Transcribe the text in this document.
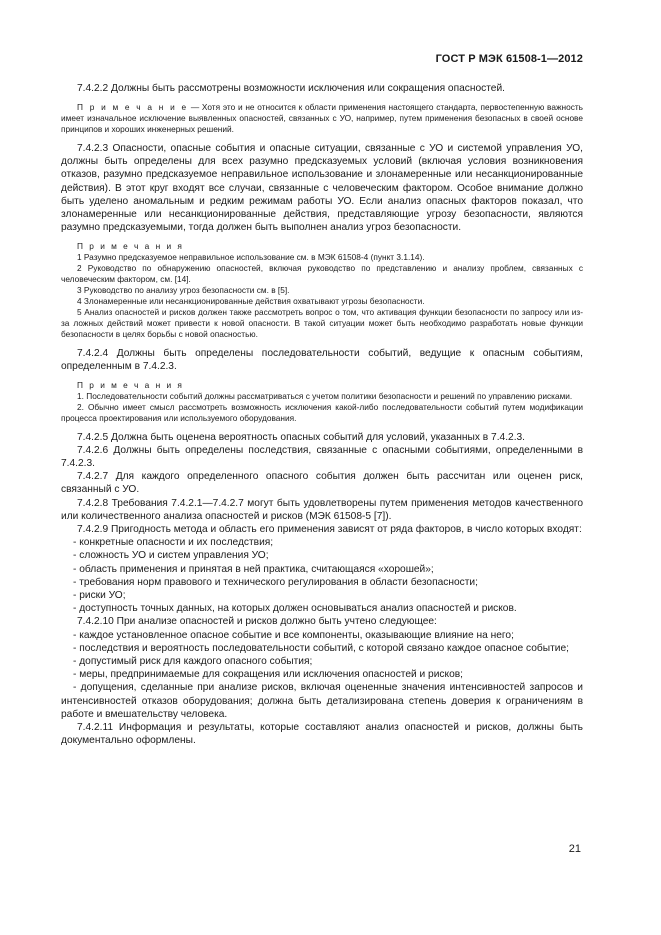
ГОСТ Р МЭК 61508-1—2012

7.4.2.2 Должны быть рассмотрены возможности исключения или сокращения опасностей.

П р и м е ч а н и е — Хотя это и не относится к области применения настоящего стандарта, первостепенную важность имеет изначальное исключение выявленных опасностей, связанных с УО, например, путем применения безопасных в своей основе принципов и хороших инженерных решений.

7.4.2.3 Опасности, опасные события и опасные ситуации, связанные с УО и системой управления УО, должны быть определены для всех разумно предсказуемых условий (включая условия возникновения отказов, разумно предсказуемое неправильное использование и злонамеренные или несанкционированные действия). В этот круг входят все случаи, связанные с человеческим фактором. Особое внимание должно быть уделено аномальным и редким режимам работы УО. Если анализ опасных факторов показал, что злонамеренные или несанкционированные действия, представляющие угрозу безопасности, являются разумно предсказуемыми, тогда должен быть выполнен анализ угроз безопасности.

П р и м е ч а н и я

1 Разумно предсказуемое неправильное использование см. в МЭК 61508-4 (пункт 3.1.14).

2 Руководство по обнаружению опасностей, включая руководство по представлению и анализу проблем, связанных с человеческим фактором, см. [14].

3 Руководство по анализу угроз безопасности см. в [5].

4 Злонамеренные или несанкционированные действия охватывают угрозы безопасности.

5 Анализ опасностей и рисков должен также рассмотреть вопрос о том, что активация функции безопасности по запросу или из-за ложных действий может привести к новой опасности. В такой ситуации может быть необходимо разработать новые функции безопасности в целях борьбы с новой опасностью.

7.4.2.4 Должны быть определены последовательности событий, ведущие к опасным событиям, определенным в 7.4.2.3.

П р и м е ч а н и я

1. Последовательности событий должны рассматриваться с учетом политики безопасности и решений по управлению рисками.

2. Обычно имеет смысл рассмотреть возможность исключения какой-либо последовательности событий путем модификации процесса проектирования или используемого оборудования.

7.4.2.5 Должна быть оценена вероятность опасных событий для условий, указанных в 7.4.2.3.

7.4.2.6 Должны быть определены последствия, связанные с опасными событиями, определенными в 7.4.2.3.

7.4.2.7 Для каждого определенного опасного события должен быть рассчитан или оценен риск, связанный с УО.

7.4.2.8 Требования 7.4.2.1—7.4.2.7 могут быть удовлетворены путем применения методов качественного или количественного анализа опасностей и рисков (МЭК 61508-5 [7]).

7.4.2.9 Пригодность метода и область его применения зависят от ряда факторов, в число которых входят:

- конкретные опасности и их последствия;

- сложность УО и систем управления УО;

- область применения и принятая в ней практика, считающаяся «хорошей»;

- требования норм правового и технического регулирования в области безопасности;

- риски УО;

- доступность точных данных, на которых должен основываться анализ опасностей и рисков.

7.4.2.10 При анализе опасностей и рисков должно быть учтено следующее:

- каждое установленное опасное событие и все компоненты, оказывающие влияние на него;

- последствия и вероятность последовательности событий, с которой связано каждое опасное событие;

- допустимый риск для каждого опасного события;

- меры, предпринимаемые для сокращения или исключения опасностей и рисков;

- допущения, сделанные при анализе рисков, включая оцененные значения интенсивностей запросов и интенсивностей отказов оборудования; должна быть детализирована степень доверия к ограничениям в работе и вмешательству человека.

7.4.2.11 Информация и результаты, которые составляют анализ опасностей и рисков, должны быть документально оформлены.

21
